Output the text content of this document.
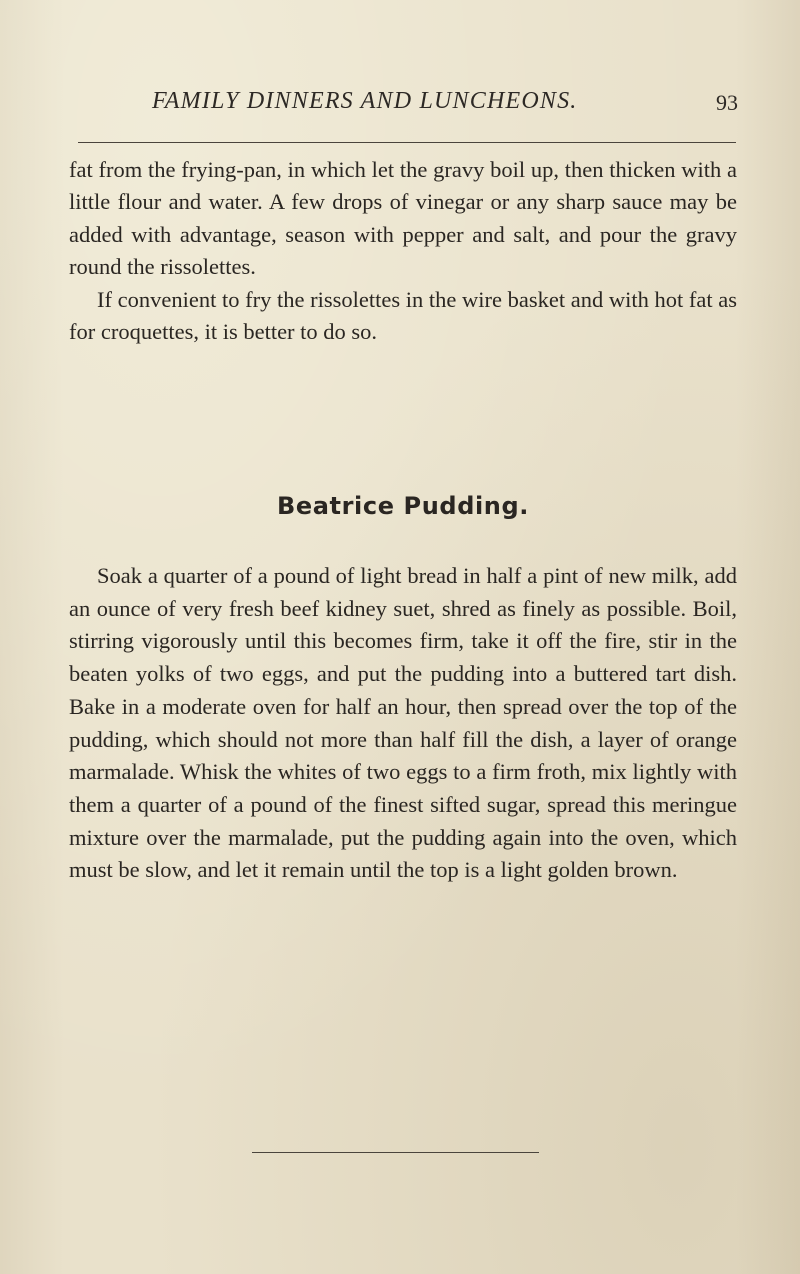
FAMILY DINNERS AND LUNCHEONS.	93

fat from the frying-pan, in which let the gravy boil up, then thicken with a little flour and water. A few drops of vinegar or any sharp sauce may be added with advantage, season with pepper and salt, and pour the gravy round the rissolettes.

If convenient to fry the rissolettes in the wire basket and with hot fat as for croquettes, it is better to do so.

Beatrice Pudding.

Soak a quarter of a pound of light bread in half a pint of new milk, add an ounce of very fresh beef kidney suet, shred as finely as possible. Boil, stirring vigorously until this becomes firm, take it off the fire, stir in the beaten yolks of two eggs, and put the pudding into a buttered tart dish. Bake in a moderate oven for half an hour, then spread over the top of the pudding, which should not more than half fill the dish, a layer of orange marmalade. Whisk the whites of two eggs to a firm froth, mix lightly with them a quarter of a pound of the finest sifted sugar, spread this meringue mixture over the marmalade, put the pudding again into the oven, which must be slow, and let it remain until the top is a light golden brown.
